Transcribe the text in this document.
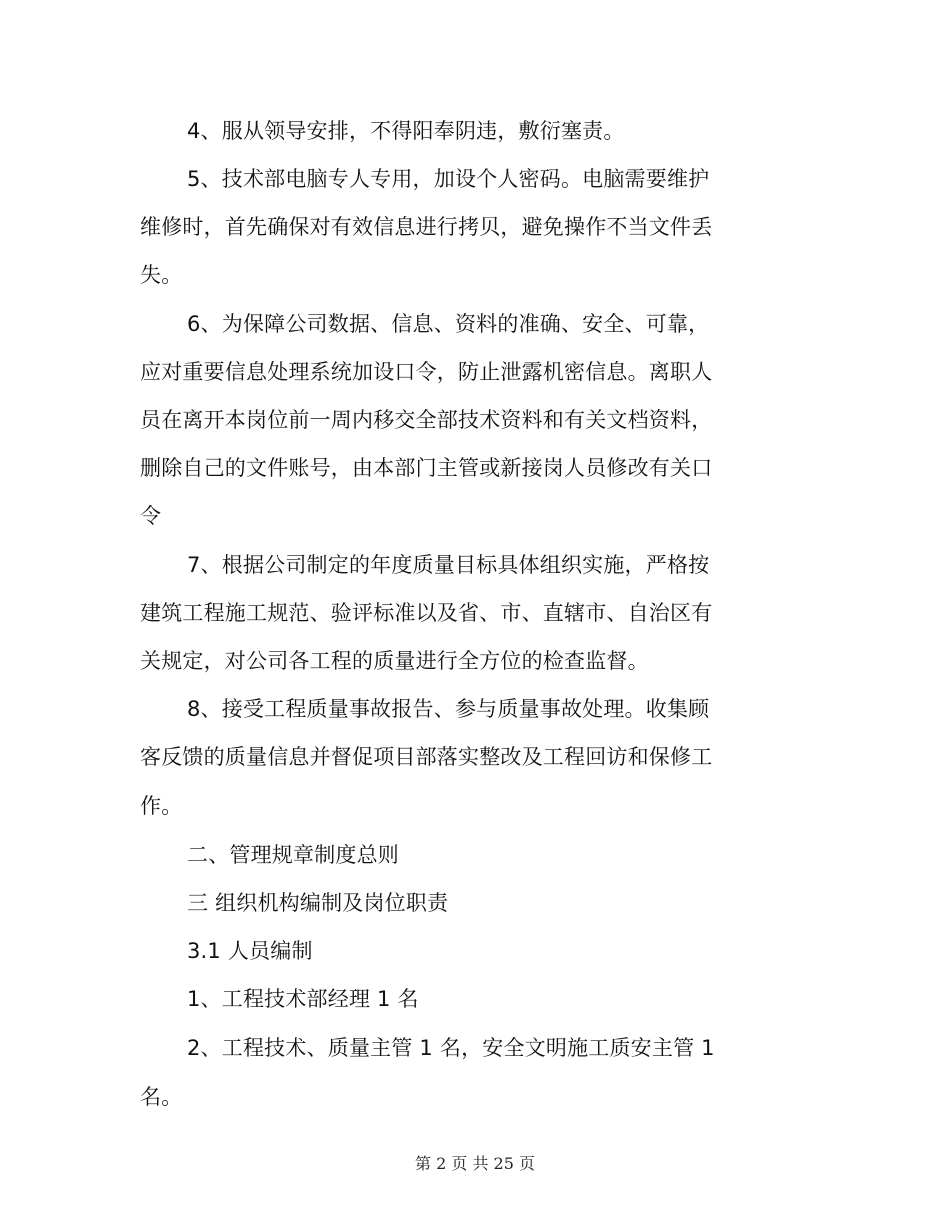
4、服从领导安排，不得阳奉阴违，敷衍塞责。
5、技术部电脑专人专用，加设个人密码。电脑需要维护
维修时，首先确保对有效信息进行拷贝，避免操作不当文件丢
失。
6、为保障公司数据、信息、资料的准确、安全、可靠，
应对重要信息处理系统加设口令，防止泄露机密信息。离职人
员在离开本岗位前一周内移交全部技术资料和有关文档资料，
删除自己的文件账号，由本部门主管或新接岗人员修改有关口
令
7、根据公司制定的年度质量目标具体组织实施，严格按
建筑工程施工规范、验评标准以及省、市、直辖市、自治区有
关规定，对公司各工程的质量进行全方位的检查监督。
8、接受工程质量事故报告、参与质量事故处理。收集顾
客反馈的质量信息并督促项目部落实整改及工程回访和保修工
作。
二、管理规章制度总则
三 组织机构编制及岗位职责
3.1 人员编制
1、工程技术部经理 1 名
2、工程技术、质量主管 1 名，安全文明施工质安主管 1
名。
第 2 页 共 25 页
